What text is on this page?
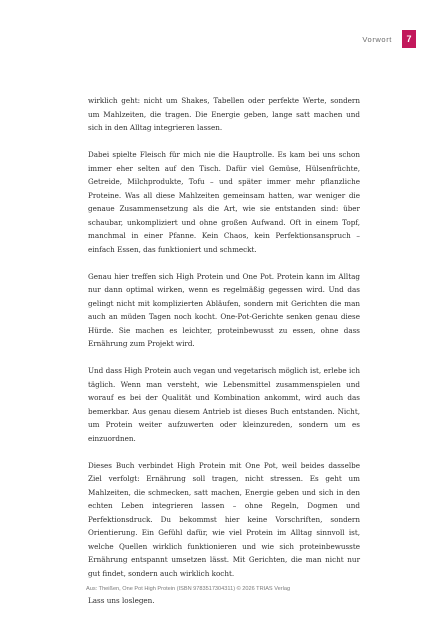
Vorwort	7

wirklich geht: nicht um Shakes, Tabellen oder perfekte Werte, sondern um Mahlzeiten, die tragen. Die Energie geben, lange satt machen und sich in den Alltag integrieren lassen.

Dabei spielte Fleisch für mich nie die Hauptrolle. Es kam bei uns schon immer eher selten auf den Tisch. Dafür viel Gemüse, Hülsenfrüchte, Getreide, Milchprodukte, Tofu – und später immer mehr pflanzliche Proteine. Was all diese Mahlzeiten gemeinsam hatten, war weniger die genaue Zusammensetzung als die Art, wie sie entstanden sind: über schaubar, unkompliziert und ohne großen Aufwand. Oft in einem Topf, manchmal in einer Pfanne. Kein Chaos, kein Perfektionsanspruch – einfach Essen, das funktioniert und schmeckt.

Genau hier treffen sich High Protein und One Pot. Protein kann im Alltag nur dann optimal wirken, wenn es regelmäßig gegessen wird. Und das gelingt nicht mit komplizierten Abläufen, sondern mit Gerichten die man auch an müden Tagen noch kocht. One-Pot-Gerichte senken genau diese Hürde. Sie machen es leichter, proteinbewusst zu essen, ohne dass Ernährung zum Projekt wird.

Und dass High Protein auch vegan und vegetarisch möglich ist, erlebe ich täglich. Wenn man versteht, wie Lebensmittel zusammenspielen und worauf es bei der Qualität und Kombination ankommt, wird auch das bemerkbar. Aus genau diesem Antrieb ist dieses Buch entstanden. Nicht, um Protein weiter aufzuwerten oder kleinzureden, sondern um es einzuordnen.

Dieses Buch verbindet High Protein mit One Pot, weil beides dasselbe Ziel verfolgt: Ernährung soll tragen, nicht stressen. Es geht um Mahlzeiten, die schmecken, satt machen, Energie geben und sich in den echten Leben integrieren lassen – ohne Regeln, Dogmen und Perfektionsdruck. Du bekommst hier keine Vorschriften, sondern Orientierung. Ein Gefühl dafür, wie viel Protein im Alltag sinnvoll ist, welche Quellen wirklich funktionieren und wie sich proteinbewusste Ernährung entspannt umsetzen lässt. Mit Gerichten, die man nicht nur gut findet, sondern auch wirklich kocht.

Lass uns loslegen.

Aus: Theißen, One Pot High Protein (ISBN 9783517304311) © 2026 TRIAS Verlag
